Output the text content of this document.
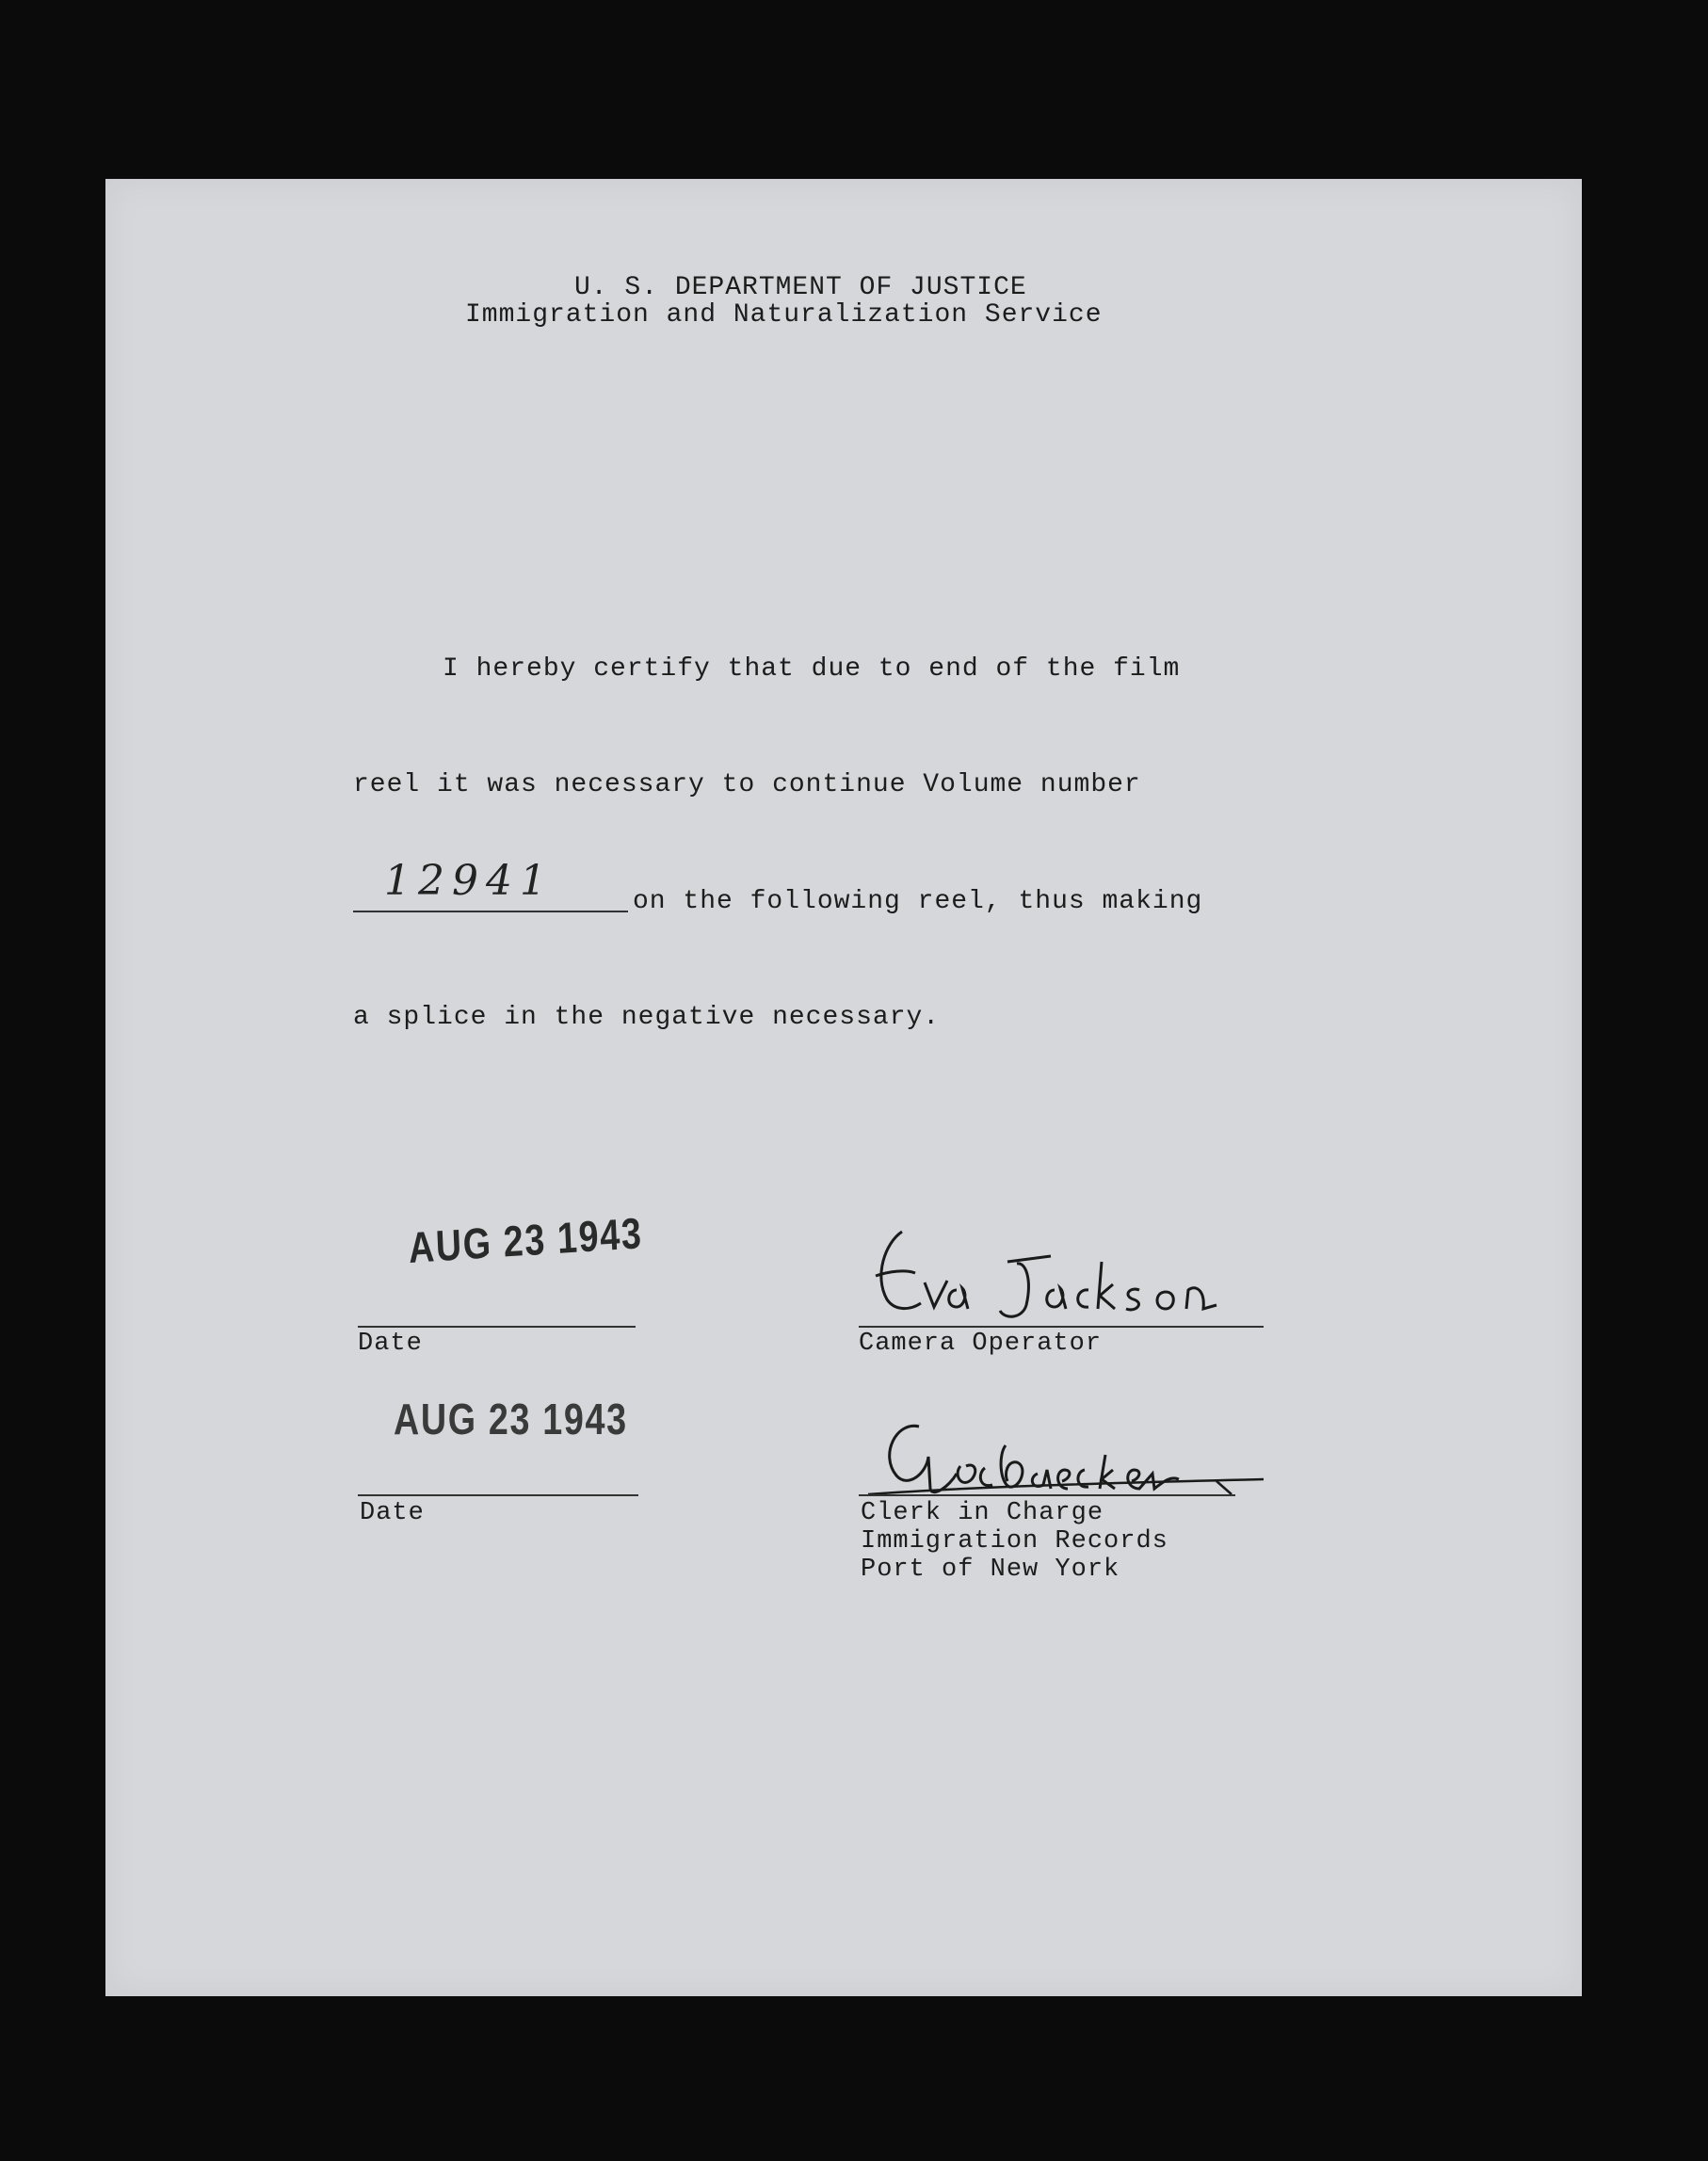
U. S. DEPARTMENT OF JUSTICE
Immigration and Naturalization Service
I hereby certify that due to end of the film
reel it was necessary to continue Volume number
12941	on the following reel, thus making
a splice in the negative necessary.
AUG 23 1943
Date	Camera Operator
AUG 23 1943
Date	Clerk in Charge
Immigration Records
Port of New York
